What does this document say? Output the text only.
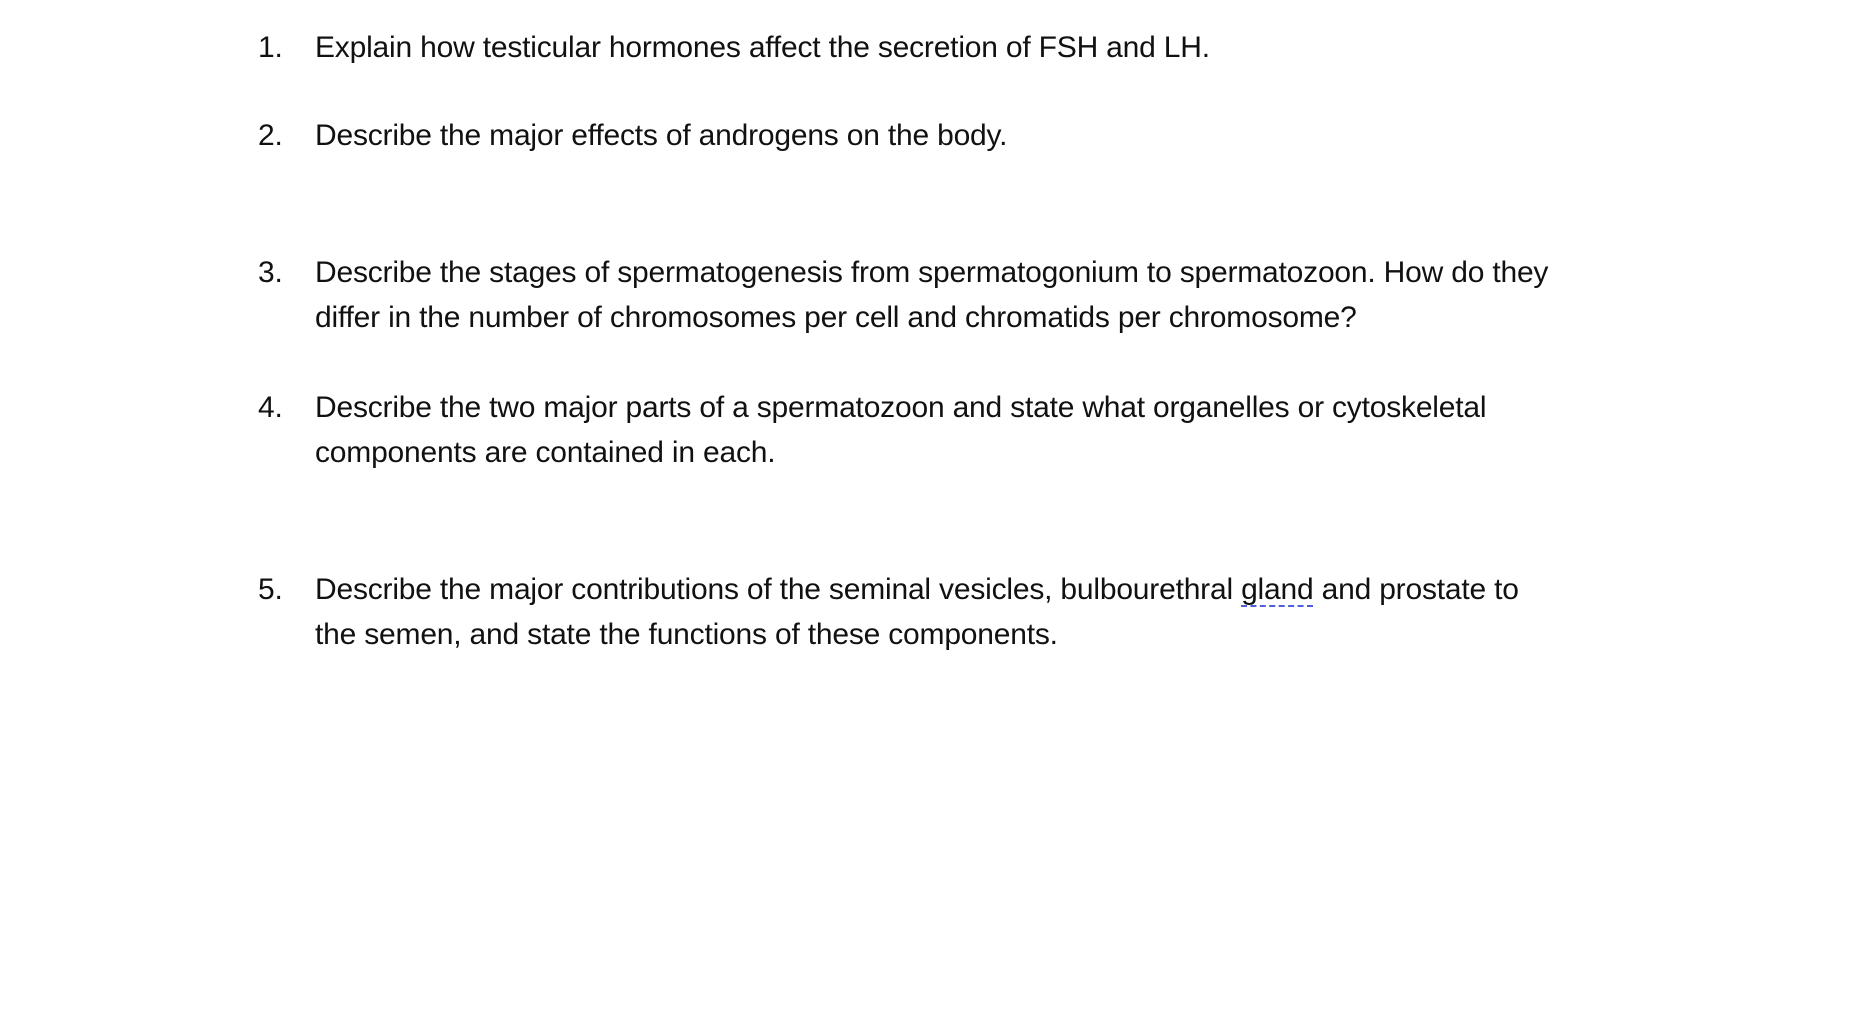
1.	Explain how testicular hormones affect the secretion of FSH and LH.
2.	Describe the major effects of androgens on the body.
3.	Describe the stages of spermatogenesis from spermatogonium to spermatozoon. How do they
differ in the number of chromosomes per cell and chromatids per chromosome?
4.	Describe the two major parts of a spermatozoon and state what organelles or cytoskeletal
components are contained in each.
5.	Describe the major contributions of the seminal vesicles, bulbourethral gland and prostate to
the semen, and state the functions of these components.
